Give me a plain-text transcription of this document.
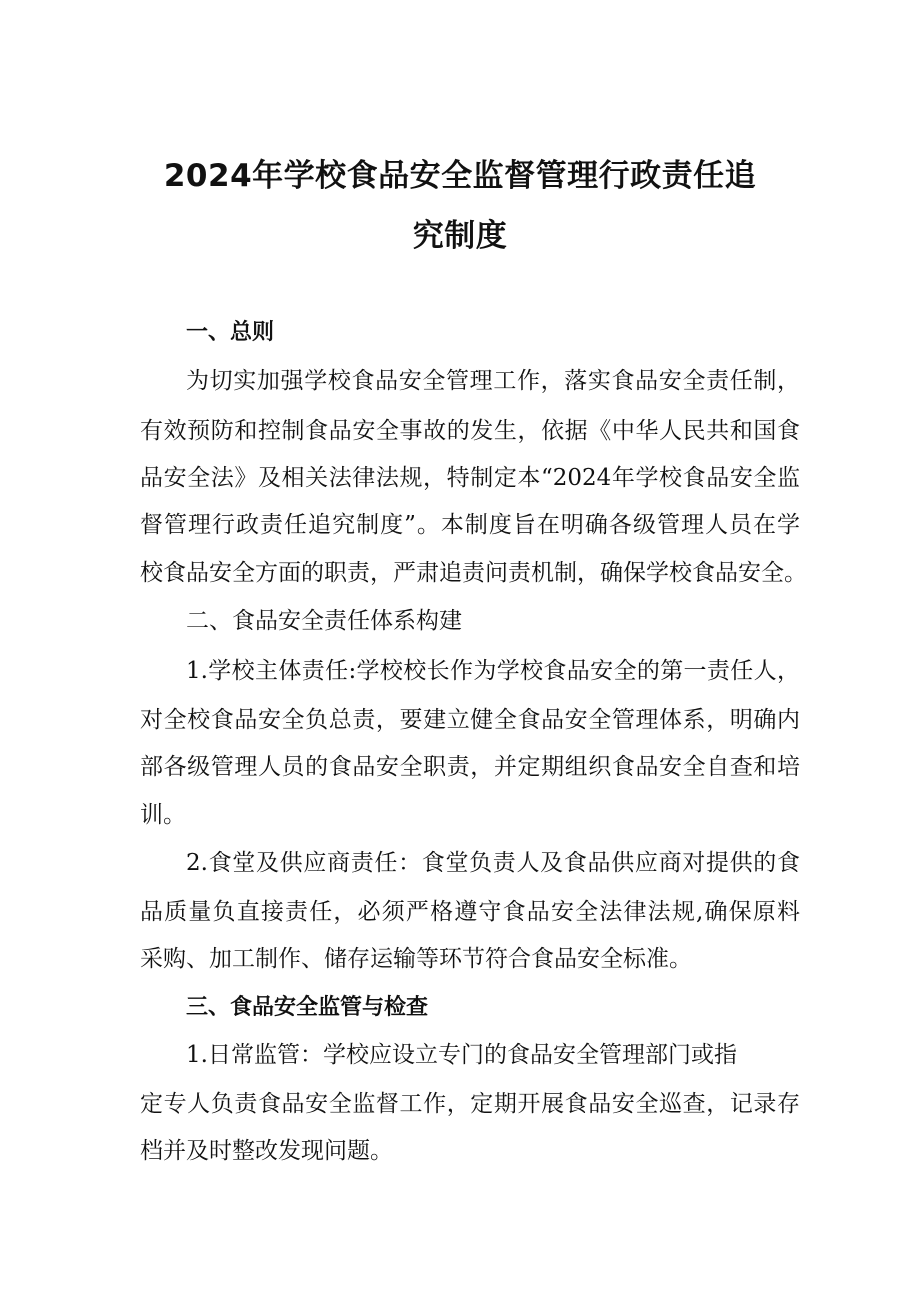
2024年学校食品安全监督管理行政责任追
究制度
一、总则
为切实加强学校食品安全管理工作，落实食品安全责任制，
有效预防和控制食品安全事故的发生，依据《中华人民共和国食
品安全法》及相关法律法规，特制定本“2024年学校食品安全监
督管理行政责任追究制度”。本制度旨在明确各级管理人员在学
校食品安全方面的职责，严肃追责问责机制，确保学校食品安全。
二、食品安全责任体系构建
1.学校主体责任:学校校长作为学校食品安全的第一责任人，
对全校食品安全负总责，要建立健全食品安全管理体系，明确内
部各级管理人员的食品安全职责，并定期组织食品安全自查和培
训。
2.食堂及供应商责任：食堂负责人及食品供应商对提供的食
品质量负直接责任，必须严格遵守食品安全法律法规,确保原料
采购、加工制作、储存运输等环节符合食品安全标准。
三、食品安全监管与检查
1.日常监管：学校应设立专门的食品安全管理部门或指
定专人负责食品安全监督工作，定期开展食品安全巡查，记录存
档并及时整改发现问题。
